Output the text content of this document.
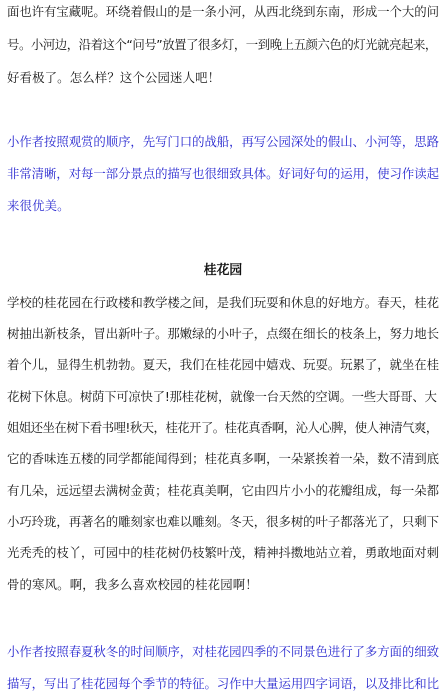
面也许有宝藏呢。环绕着假山的是一条小河，从西北绕到东南，形成一个大的问
号。小河边，沿着这个“问号”放置了很多灯，一到晚上五颜六色的灯光就亮起来，
好看极了。怎么样？这个公园迷人吧！
小作者按照观赏的顺序，先写门口的战船，再写公园深处的假山、小河等，思路
非常清晰，对每一部分景点的描写也很细致具体。好词好句的运用，使习作读起
来很优美。
桂花园
学校的桂花园在行政楼和教学楼之间，是我们玩耍和休息的好地方。春天，桂花
树抽出新枝条，冒出新叶子。那嫩绿的小叶子，点缀在细长的枝条上，努力地长
着个儿，显得生机勃勃。夏天，我们在桂花园中嬉戏、玩耍。玩累了，就坐在桂
花树下休息。树荫下可凉快了!那桂花树，就像一台天然的空调。一些大哥哥、大
姐姐还坐在树下看书哩!秋天，桂花开了。桂花真香啊，沁人心脾，使人神清气爽，
它的香味连五楼的同学都能闻得到；桂花真多啊，一朵紧挨着一朵，数不清到底
有几朵，远远望去满树金黄；桂花真美啊，它由四片小小的花瓣组成，每一朵都
小巧玲珑，再著名的雕刻家也难以雕刻。冬天，很多树的叶子都落光了，只剩下
光秃秃的枝丫，可园中的桂花树仍枝繁叶茂，精神抖擞地站立着，勇敢地面对刺
骨的寒风。啊，我多么喜欢校园的桂花园啊！
小作者按照春夏秋冬的时间顺序，对桂花园四季的不同景色进行了多方面的细致
描写，写出了桂花园每个季节的特征。习作中大量运用四字词语，以及排比和比
